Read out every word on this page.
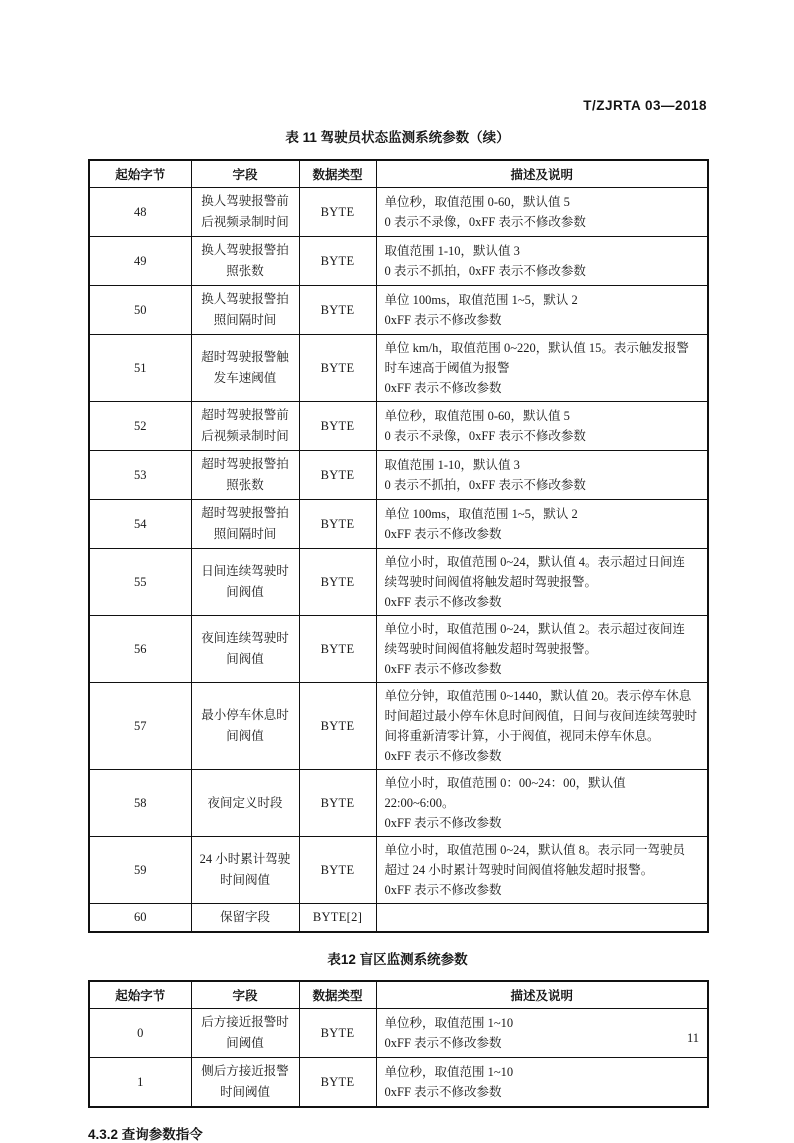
T/ZJRTA 03—2018
表 11 驾驶员状态监测系统参数（续）
起始字节	字段	数据类型	描述及说明
48	换人驾驶报警前
后视频录制时间	BYTE	单位秒，取值范围 0-60，默认值 5
0 表示不录像，0xFF 表示不修改参数
49	换人驾驶报警拍
照张数	BYTE	取值范围 1-10，默认值 3
0 表示不抓拍，0xFF 表示不修改参数
50	换人驾驶报警拍
照间隔时间	BYTE	单位 100ms，取值范围 1~5，默认 2
0xFF 表示不修改参数
51	超时驾驶报警触
发车速阈值	BYTE	单位 km/h，取值范围 0~220，默认值 15。表示触发报警时车速高于阈值为报警
0xFF 表示不修改参数
52	超时驾驶报警前
后视频录制时间	BYTE	单位秒，取值范围 0-60，默认值 5
0 表示不录像，0xFF 表示不修改参数
53	超时驾驶报警拍
照张数	BYTE	取值范围 1-10，默认值 3
0 表示不抓拍，0xFF 表示不修改参数
54	超时驾驶报警拍
照间隔时间	BYTE	单位 100ms，取值范围 1~5，默认 2
0xFF 表示不修改参数
55	日间连续驾驶时
间阀值	BYTE	单位小时，取值范围 0~24，默认值 4。表示超过日间连续驾驶时间阀值将触发超时驾驶报警。
0xFF 表示不修改参数
56	夜间连续驾驶时
间阀值	BYTE	单位小时，取值范围 0~24，默认值 2。表示超过夜间连续驾驶时间阀值将触发超时驾驶报警。
0xFF 表示不修改参数
57	最小停车休息时
间阀值	BYTE	单位分钟，取值范围 0~1440，默认值 20。表示停车休息时间超过最小停车休息时间阀值，日间与夜间连续驾驶时间将重新清零计算，小于阀值，视同未停车休息。
0xFF 表示不修改参数
58	夜间定义时段	BYTE	单位小时，取值范围 0：00~24：00，默认值 22:00~6:00。
0xFF 表示不修改参数
59	24 小时累计驾驶
时间阀值	BYTE	单位小时，取值范围 0~24，默认值 8。表示同一驾驶员超过 24 小时累计驾驶时间阀值将触发超时报警。
0xFF 表示不修改参数
60	保留字段	BYTE[2]	
表12 盲区监测系统参数
起始字节	字段	数据类型	描述及说明
0	后方接近报警时
间阈值	BYTE	单位秒，取值范围 1~10
0xFF 表示不修改参数
1	侧后方接近报警
时间阈值	BYTE	单位秒，取值范围 1~10
0xFF 表示不修改参数
4.3.2 查询参数指令
11
